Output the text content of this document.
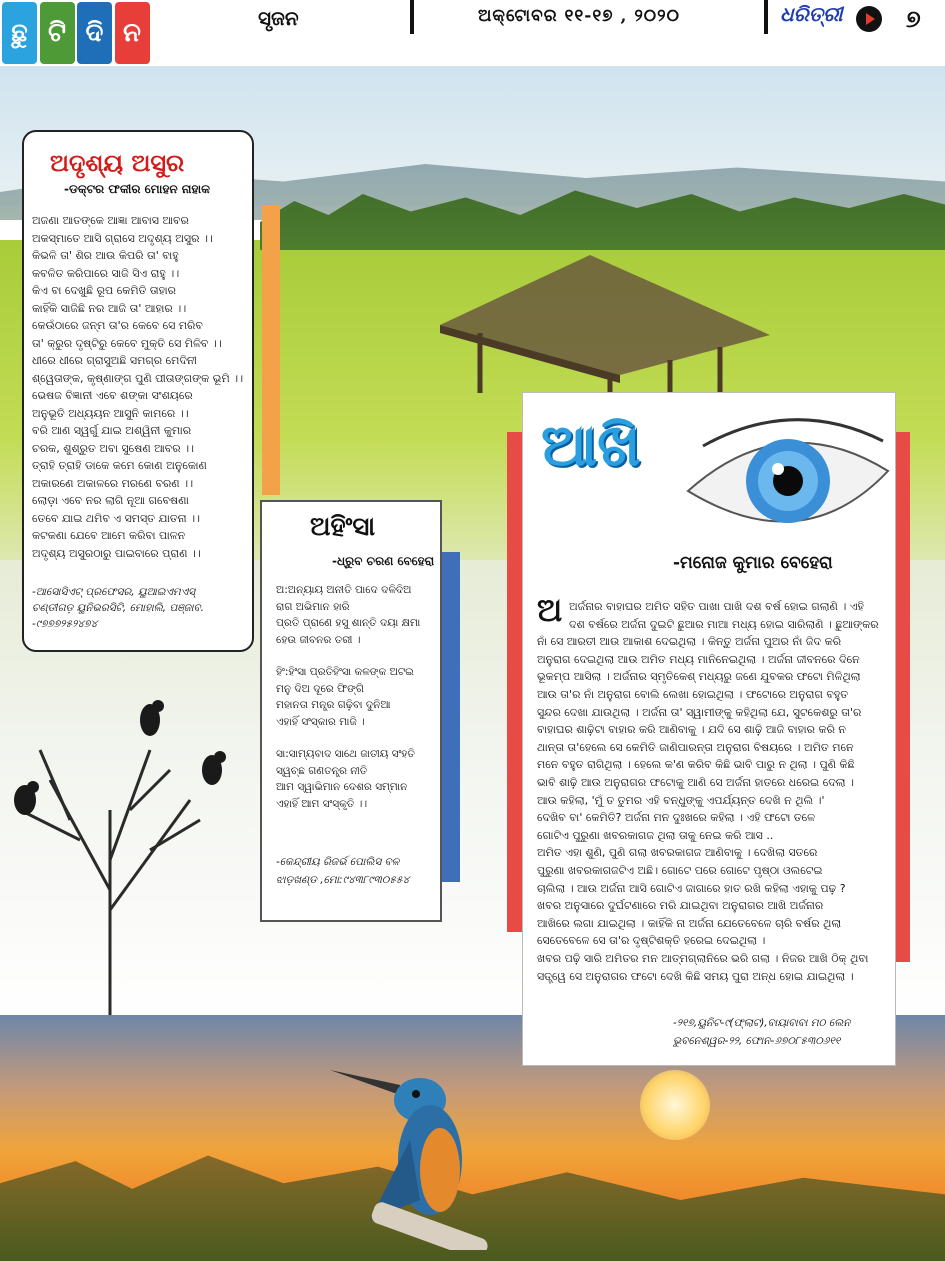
ଛୁ ଟି ଦି ନ	ସୃଜନ	ଅକ୍ଟୋବର ୧୧-୧୭ , ୨୦୨୦	ଧରିତ୍ରୀ	୭
ଅଦୃଶ୍ୟ ଅସୁର
-ଡକ୍ଟର ଫକୀର ମୋହନ ନାହାକ
ଅଜଣା ଆତଙ୍କେ ଆଜ୍ଞା ଆବାସ ଆବର
ଅକସ୍ମାତେ ଆସି ଗ୍ରାସେ ଅଦୃଶ୍ୟ ଅସୁର ।।
କିଭଳି ତା' ଶିର ଆଉ କିପରି ତା' ବାହୁ
କବଳିତ କରିପାରେ ସାଜି ସିଏ ରାହୁ ।।
କିଏ ବା ଦେଖୁଛି ରୂପ କେମିତି ତାହାର
କାହିଁକି ସାଜିଛି ନର ଆଜି ତା' ଆହାର ।।
କେଉଁଠାରେ ଜନ୍ମ ତା'ର କେବେ ସେ ମରିବ
ତା' କ୍ରୁର ଦୃଷ୍ଟିରୁ କେବେ ମୁକ୍ତି ସେ ମିଳିବ ।।
ଧୀରେ ଧୀରେ ଗ୍ରାସୁଅଛି ସମଗ୍ର ମେଦିନୀ
ଶ୍ୱେତାଙ୍କ, କୃଷ୍ଣାଙ୍ଗ ପୁଣି ପୀତାଙ୍ଗଙ୍କ ଭୂମି ।।
ଭେଷଜ ବିଜ୍ଞାନୀ ଏବେ ଶଙ୍କା ସଂଶୟରେ
ଅନୁଭୂତି ଅଧ୍ୟୟନ ଆସୁନି କାମରେ ।।
ବରି ଆଣ ସ୍ୱର୍ଗୁ ଯାଇ ଅଶ୍ୱିନୀ କୁମାର
ଚରକ, ଶୁଶ୍ରୁତ ଅବା ସୁଷେଣ ଆବର ।।
ତ୍ରାହି ତ୍ରାହି ଡାକେ କମେ କୋଣ ଅନୁକୋଣ
ଅକାରଣେ ଅକାଳରେ ମରଣେ ବରଣ ।।
ଲୋଡ଼ା ଏବେ ନର ଲାଗି ନୂଆ ଗବେଷଣା
ତେବେ ଯାଇ ଥମିବ ଏ ସମସ୍ତ ଯାତନା ।।
କଟକଣା ଯେବେ ଆମେ କରିବା ପାଳନ
ଅଦୃଶ୍ୟ ଅସୁରଠାରୁ ପାଇବାରେ ପ୍ରାଣ ।।
-ଆସୋସିଏଟ୍ ପ୍ରଫେସର, ୟୁଆଇଏମଏସ୍
ଚଣ୍ଡୀଗଡ଼ ୟୁନିଭରସିଟି, ମୋହାଲି, ପଞ୍ଜାବ.
-୯୭୭୭୨୫୨୪୭୪
ଅହିଂସା
-ଧ୍ରୁବ ଚରଣ ବେହେରା
ଅ:ଅନ୍ୟାୟ ଅନୀତି ପାଦେ ଦଳିଦିଅ
ରାଗ ଅଭିମାନ ହାରି
ପ୍ରତି ପ୍ରାଣେ ହସୁ ଶାନ୍ତି ଦୟା କ୍ଷମା
ହେଉ ଜୀବନର ତରୀ ।
ହିଂ:ହିଂସା ପ୍ରତିହିଂସା କଳଙ୍କ ଅଟଇ
ମନୁ ଦିଅ ଦୂରେ ଫିଙ୍ଗି
ମହାନତା ମନ୍ତ୍ର ଗଢ଼ିବା ଦୁନିଆ
ଏହାହିଁ ସଂସ୍କାର ମାଜି ।
ସା:ସାମ୍ୟବାଦ ସାଥେ ଜାତୀୟ ସଂହତି
ସ୍ୱଚ୍ଛ ଗଣତନ୍ତ୍ର ନୀତି
ଆମ ସ୍ୱାଭିମାନ ଦେଶର ସମ୍ମାନ
ଏହାହିଁ ଆମ ସଂସ୍କୃତି ।।
-କେନ୍ଦ୍ରୀୟ ରିଜର୍ଭ ପୋଲିସ ବଳ
ଝାଡ଼ଖଣ୍ଡ ,ମୋ:୯୪୩୮୯୩୦୫୫୪
ଆଖି
-ମନୋଜ କୁମାର ବେହେରା
ଅର୍ଜନାର ବାହାଘର ଅମିତ ସହିତ ପାଖା ପାଖି ଦଶ ବର୍ଷ ହୋଇ ଗଲାଣି । ଏହି
ଦଶ ବର୍ଷରେ ଅର୍ଜନା ଦୁଇଟି ଛୁଆର ମାଆ ମଧ୍ୟ ହୋଇ ସାରିଲାଣି । ଛୁଆଙ୍କର
ନାଁ ସେ ଆରତୀ ଆଉ ଆକାଶ ଦେଇଥିଲା । କିନ୍ତୁ ଅର୍ଜନା ପୁଅର ନାଁ ଜିଦ କରି
ଅନୁରାଗ ଦେଇଥିଲା ଆଉ ଅମିତ ମଧ୍ୟ ମାନିନେଇଥିଲା । ଅର୍ଜନା ଜୀବନରେ ଦିନେ
ଭୂକମ୍ପ ଆସିଲା । ଅର୍ଜନାର ସ୍ମୃତିକେଶ୍ ମଧ୍ୟରୁ ଜଣେ ଯୁବକର ଫଟୋ ମିଳିଥିଲା
ଆଉ ତା'ର ନାଁ ଅନୁରାଗ ବୋଲି ଲେଖା ହୋଇଥିଲା । ଫଟୋରେ ଅନୁରାଗ ବହୁତ
ସୁନ୍ଦର ଦେଖା ଯାଉଥିଲା । ଅର୍ଜନା ତା' ସ୍ୱାମୀଙ୍କୁ କହିଥିଲା ଯେ, ସୁଟକେଶରୁ ତା'ର
ବାହାଘର ଶାଢ଼ିଟା ବାହାର କରି ଆଣିବାକୁ । ଯଦି ସେ ଶାଢ଼ି ଆଜି ବାହାର କରି ନ
ଥାନ୍ତା ତା'ହେଲେ ସେ କେମିତି ଜାଣିପାରନ୍ତା ଅନୁରାଗ ବିଷୟରେ । ଅମିତ ମନେ
ମନେ ବହୁତ ରାଗିଥିଲା । ହେଲେ କ'ଣ କରିବ କିଛି ଭାବି ପାରୁ ନ ଥିଲା । ପୁଣି କିଛି
ଭାବି ଶାଢ଼ି ଆଉ ଅନୁରାଗର ଫଟୋକୁ ଆଣି ସେ ଅର୍ଜନା ହାତରେ ଧରେଇ ଦେଲା ।
ଆଉ କହିଲା, 'ମୁଁ ତ ତୁମର ଏହି ବନ୍ଧୁଙ୍କୁ ଏପର୍ଯ୍ୟନ୍ତ ଦେଖି ନ ଥିଲି ।'
ଦେଖିବ ବା' କେମିତି? ଅର୍ଜନା ମନ ଦୁଃଖରେ କହିଲା । ଏହି ଫଟୋ ତଳେ
ଗୋଟିଏ ପୁରୁଣା ଖବରକାଗଜ ଥିଲା ତାକୁ ନେଇ କରି ଆସ ..
ଅମିତ ଏହା ଶୁଣି, ପୁଣି ଗଲା ଖବରକାଗଜ ଆଣିବାକୁ । ଦେଖିଲା ସତରେ
ପୁରୁଣା ଖବରକାଗଜଟିଏ ଅଛି। ଗୋଟେ ପରେ ଗୋଟେ ପୃଷ୍ଠା ଓଲଟେଇ
ଚାଲିଲା । ଆଉ ଅର୍ଜନା ଆସି ଗୋଟିଏ ଜାଗାରେ ହାତ ରଖି କହିଲା ଏହାକୁ ପଢ଼ ?
ଖବର ଅନୁସାରେ ଦୁର୍ଘଟଣାରେ ମରି ଯାଇଥିବା ଅନୁରାଗର ଆଖି ଅର୍ଜନାର
ଆଖିରେ ଲଗା ଯାଇଥିଲା । କାହିଁକି ନା ଅର୍ଜନା ଯେତେବେଳେ ଚାରି ବର୍ଷର ଥିଲା
ସେତେବେଳେ ସେ ତା'ର ଦୃଷ୍ଟିଶକ୍ତି ହରେଇ ଦେଇଥିଲା ।
ଖବର ପଢ଼ି ସାରି ଅମିତର ମନ ଆତ୍ମଗ୍ଲାନିରେ ଭରି ଗଲା । ନିଜର ଆଖି ଠିକ୍ ଥିବା
ସତ୍ତ୍ୱେ ସେ ଅନୁରାଗର ଫଟୋ ଦେଖି କିଛି ସମୟ ପୁରା ଅନ୍ଧ ହୋଇ ଯାଇଥିଲା ।
ଅ
-୨୧୭,ୟୁନିଟ-୯(ଫ୍ଲାଟ),ବାୟାବାବା ମଠ ଲେନ
ଭୁବନେଶ୍ୱର-୨୨, ଫୋନ-୬୭୦୮୫୩୦୬୧୧
